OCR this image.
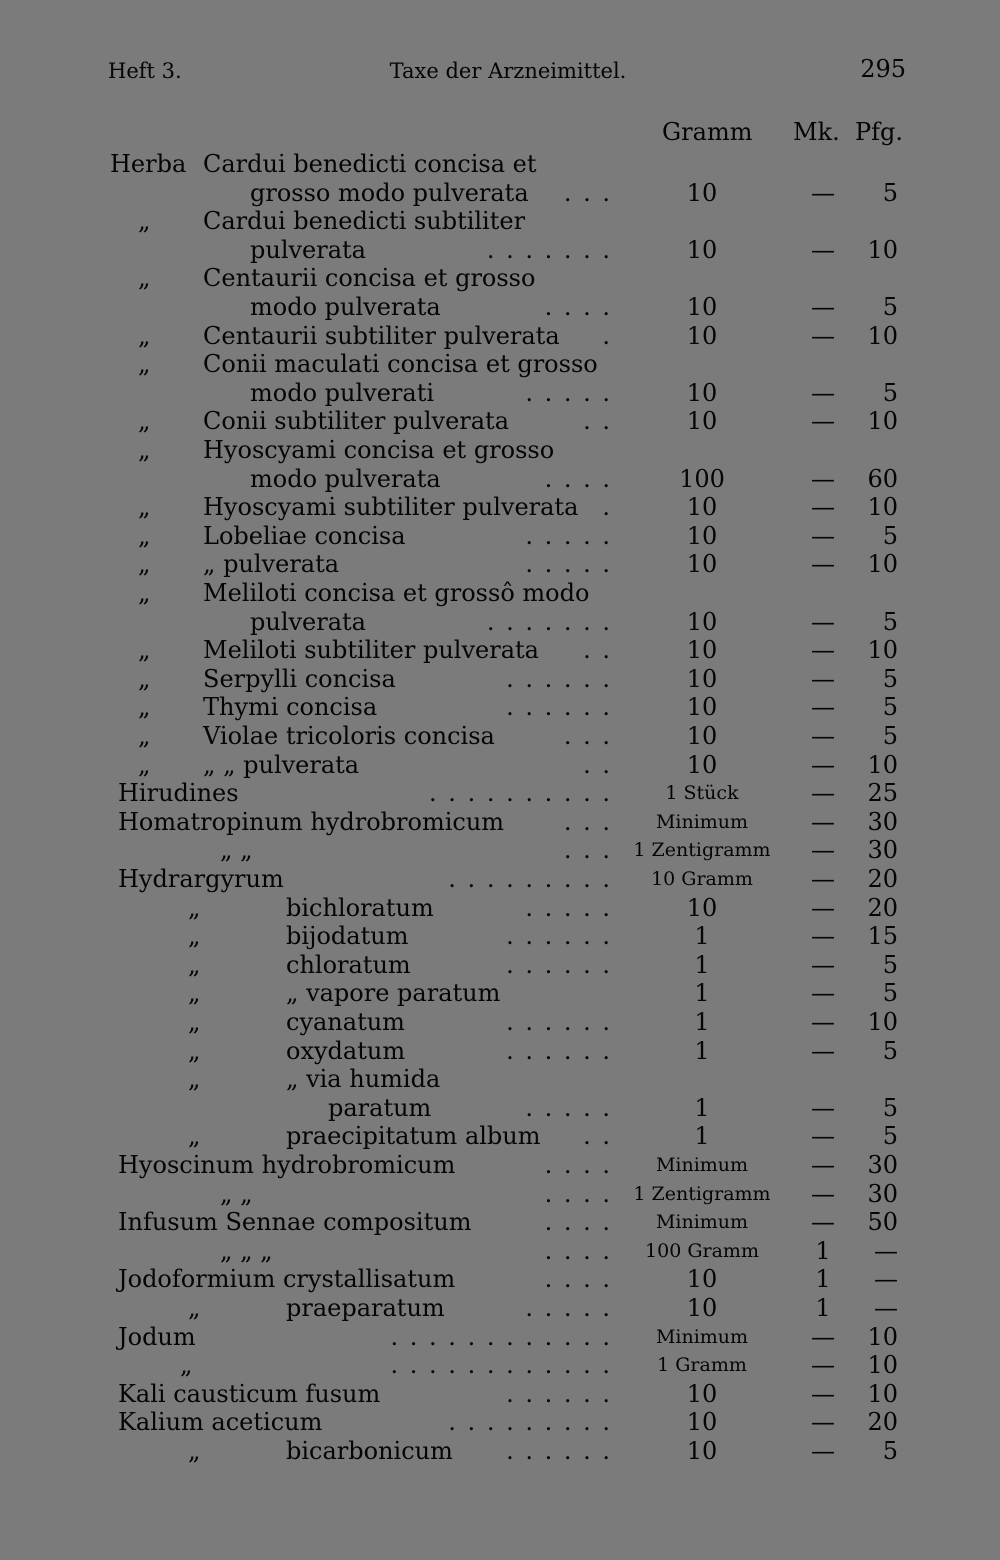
Heft 3.	Taxe der Arzneimittel.	295
Gramm Mk. Pfg.
Herba Cardui benedicti concisa et
grosso modo pulverata . . .	10	—	5
„ Cardui benedicti subtiliter
pulverata	. . . . . . .	10	—	10
„ Centaurii concisa et grosso
modo pulverata	. . . .	10	—	5
„ Centaurii subtiliter pulverata .	10	—	10
„ Conii maculati concisa et grosso
modo pulverati	. . . . .	10	—	5
„ Conii subtiliter pulverata	. .	10	—	10
„ Hyoscyami concisa et grosso
modo pulverata	. . . .	100	—	60
„ Hyoscyami subtiliter pulverata .	10	—	10
„ Lobeliae concisa	. . . . .	10	—	5
„ „ pulverata	. . . . .	10	—	10
„ Meliloti concisa et grossô modo
pulverata	. . . . . . .	10	—	5
„ Meliloti subtiliter pulverata . .	10	—	10
„ Serpylli concisa	. . . . . .	10	—	5
„ Thymi concisa	. . . . . .	10	—	5
„ Violae tricoloris concisa	. . .	10	—	5
„ „ „ pulverata	. .	10	—	10
Hirudines	. . . . . . . . . .	1 Stück	—	25
Homatropinum hydrobromicum . . .	Minimum	—	30
„ „	. . .	1 Zentigramm	—	30
Hydrargyrum	. . . . . . . . .	10 Gramm	—	20
„	bichloratum	. . . . .	10	—	20
„	bijodatum	. . . . . .	1	—	15
„	chloratum	. . . . . .	1	—	5
„	„ vapore paratum	1	—	5
„	cyanatum	. . . . . .	1	—	10
„	oxydatum	. . . . . .	1	—	5
„	„ via humida
paratum	. . . . .	1	—	5
„	praecipitatum album . .	1	—	5
Hyoscinum hydrobromicum	. . . .	Minimum	—	30
„ „	. . . .	1 Zentigramm	—	30
Infusum Sennae compositum	. . . .	Minimum	—	50
„ „ „	. . . .	100 Gramm	1	—
Jodoformium crystallisatum	. . . .	10	1	—
„	praeparatum	. . . . .	10	1	—
Jodum	. . . . . . . . . . . .	Minimum	—	10
„	. . . . . . . . . . . .	1 Gramm	—	10
Kali causticum fusum	. . . . . .	10	—	10
Kalium aceticum	. . . . . . . . .	10	—	20
„	bicarbonicum . . . . . .	10	—	5
